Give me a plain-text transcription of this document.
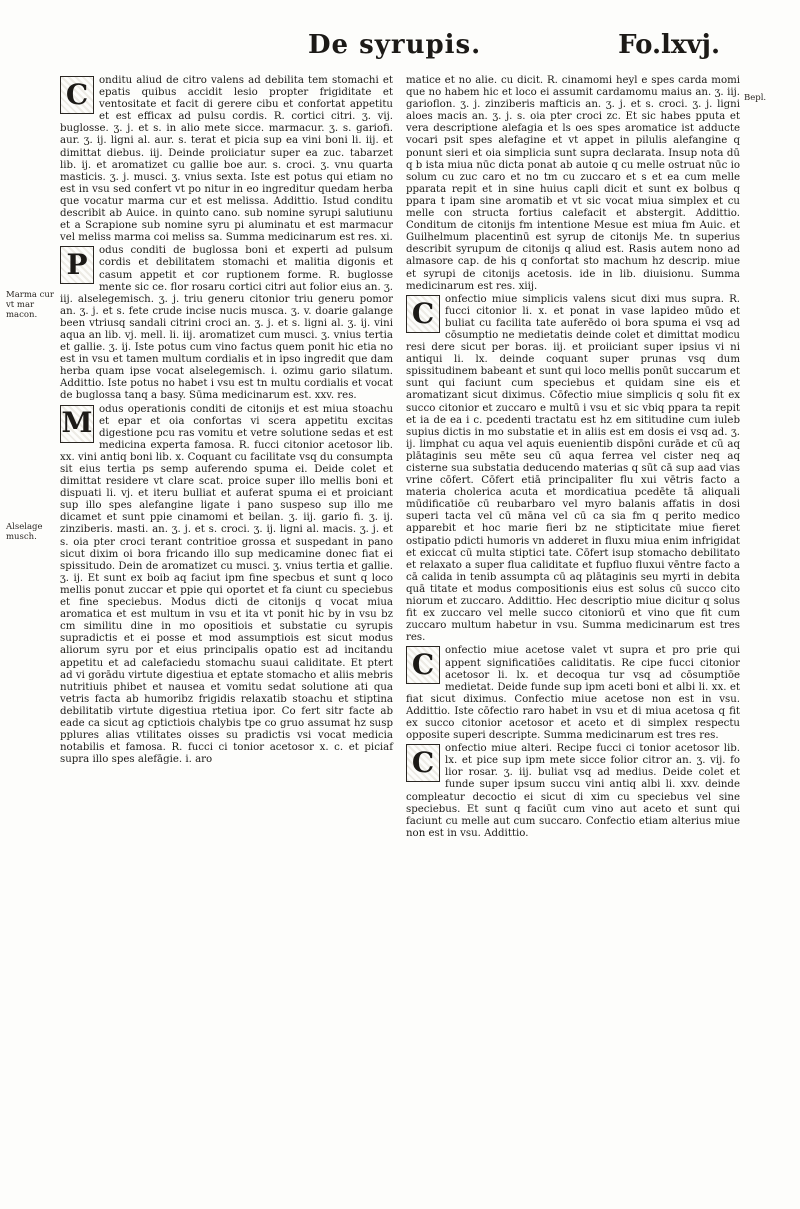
De syrupis.	Fo.lxvj.
Marma cur vt mar macon.
Alselage musch.
Bepl.

C	onditu aliud de citro valens ad debilita tem stomachi et epatis quibus accidit lesio propter frigiditate et ventositate et facit di gerere cibu et confortat appetitu et est efficax ad pulsu cordis. R. cortici citri. ʒ. vij. buglosse. ʒ. j. et s. in alio mete sicce. marmacur. ʒ. s. gariofi. aur. ʒ. ij. ligni al. aur. s. terat et picia sup ea vini boni li. iij. et dimittat diebus. iij. Deinde proiiciatur super ea zuc. tabarzet lib. ij. et aromatizet cu gallie boe aur. s. croci. ʒ. vnu quarta masticis. ʒ. j. musci. ʒ. vnius sexta. Iste est potus qui etiam no est in vsu sed confert vt po nitur in eo ingreditur quedam herba que vocatur marma cur et est melissa. Addittio. Istud conditu describit ab Auice. in quinto cano. sub nomine syrupi salutiunu et a Scrapione sub nomine syru pi aluminatu et est marmacur vel meliss marma coi meliss sa. Summa medicinarum est res. xi.

P	odus conditi de buglossa boni et experti ad pulsum cordis et debilitatem stomachi et malitia digonis et casum appetit et cor ruptionem forme. R. buglosse mente sic ce. flor rosaru cortici citri aut folior eius an. ʒ. iij. alselegemisch. ʒ. j. triu generu citonior triu generu pomor an. ʒ. j. et s. fete crude incise nucis musca. ʒ. v. doarie galange been vtriusq sandali citrini croci an. ʒ. j. et s. ligni al. ʒ. ij. vini aqua an lib. vj. mell. li. iij. aromatizet cum musci. ʒ. vnius tertia et gallie. ʒ. ij. Iste potus cum vino factus quem ponit hic etia no est in vsu et tamen multum cordialis et in ipso ingredit que dam herba quam ipse vocat alselegemisch. i. ozimu gario silatum. Addittio. Iste potus no habet i vsu est tn multu cordialis et vocat de buglossa tanq a basy. Sūma medicinarum est. xxv. res.

M odus operationis conditi de citonijs et est miua stoachu et epar et oia confortas vi scera appetitu excitas digestione pcu ras vomitu et vetre solutione sedas et est medicina experta famosa. R. fucci citonior acetosor lib. xx. vini antiq boni lib. x. Coquant cu facilitate vsq du consumpta sit eius tertia ps semp auferendo spuma ei. Deide colet et dimittat residere vt clare scat. proice super illo mellis boni et dispuati li. vj. et iteru bulliat et auferat spuma ei et proiciant sup illo spes alefangine ligate i pano suspeso sup illo me dicamet et sunt ppie cinamomi et beilan. ʒ. iij. gario fi. ʒ. ij. zinziberis. masti. an. ʒ. j. et s. croci. ʒ. ij. ligni al. macis. ʒ. j. et s. oia pter croci terant contritioe grossa et suspedant in pano sicut dixim oi bora fricando illo sup medicamine donec fiat ei spissitudo. Dein de aromatizet cu musci. ʒ. vnius tertia et gallie. ʒ. ij. Et sunt ex boib aq faciut ipm fine specbus et sunt q loco mellis ponut zuccar et ppie qui oportet et fa ciunt cu speciebus et fine speciebus. Modus dicti de citonijs q vocat miua aromatica et est multum in vsu et ita vt ponit hic by in vsu bz cm similitu dine in mo opositiois et substatie cu syrupis supradictis et ei posse et mod assumptiois est sicut modus aliorum syru por et eius principalis opatio est ad incitandu appetitu et ad calefaciedu stomachu suaui caliditate. Et ptert ad vi gorādu virtute digestiua et eptate stomacho et aliis mebris nutritiuis phibet et nausea et vomitu sedat solutione ati qua vetris facta ab humoribz frigidis relaxatib stoachu et stiptina debilitatib virtute digestiua rtetiua ipor. Co fert sitr facte ab eade ca sicut ag cptictiois chalybis tpe co gruo assumat hz susp pplures alias vtilitates oisses su pradictis vsi vocat medicia notabilis et famosa. R. fucci ci tonior acetosor x. c. et piciaf supra illo spes alefāgie. i. aro

matice et no alie. cu dicit. R. cinamomi heyl e spes carda momi que no habem hic et loco ei assumit cardamomu maius an. ʒ. iij. garioflon. ʒ. j. zinziberis mafticis an. ʒ. j. et s. croci. ʒ. j. ligni aloes macis an. ʒ. j. s. oia pter croci zc. Et sic habes pputa et vera descriptione alefagia et ls oes spes aromatice ist adducte vocari psit spes alefagine et vt appet in pilulis alefangine q ponunt sieri et oia simplicia sunt supra declarata. Insup nota dū q b ista miua nūc dicta ponat ab autoie q cu melle ostruat nūc io solum cu zuc caro et no tm cu zuccaro et s et ea cum melle pparata repit et in sine huius capli dicit et sunt ex bolbus q ppara t ipam sine aromatib et vt sic vocat miua simplex et cu melle con structa fortius calefacit et abstergit. Addittio. Conditum de citonijs fm intentione Mesue est miua fm Auic. et Guilhelmum placentinū est syrup de citonijs Me. tn superius describit syrupum de citonijs q aliud est. Rasis autem nono ad almasore cap. de his q confortat sto machum hz descrip. miue et syrupi de citonijs acetosis. ide in lib. diuisionu. Summa medicinarum est res. xiij.

C	onfectio miue simplicis valens sicut dixi mus supra. R. fucci citonior li. x. et ponat in vase lapideo mūdo et buliat cu facilita tate auferēdo oi bora spuma ei vsq ad cōsumptio ne medietatis deinde colet et dimittat modicu resi dere sicut per boras. iij. et proiiciant super ipsius vi ni antiqui li. lx. deinde coquant super prunas vsq dum spissitudinem babeant et sunt qui loco mellis ponūt succarum et sunt qui faciunt cum speciebus et quidam sine eis et aromatizant sicut diximus. Cōfectio miue simplicis q solu fit ex succo citonior et zuccaro e multū i vsu et sic vbiq ppara ta repit et ia de ea i c. pcedenti tractatu est hz em sititudine cum iuleb supius dictis in mo substatie et in aliis est em dosis ei vsq ad. ʒ. ij. limphat cu aqua vel aquis euenientib dispōni curāde et cū aq plātaginis seu mēte seu cū aqua ferrea vel cister neq aq cisterne sua substatia deducendo materias q sūt cā sup aad vias vrine cōfert. Cōfert etiā principaliter flu xui vētris facto a materia cholerica acuta et mordicatiua pcedēte tā aliquali mūdificatiōe cū reubarbaro vel myro balanis affatis in dosi superi tacta vel cū māna vel cū ca sia fm q perito medico apparebit et hoc marie fieri bz ne stipticitate miue fieret ostipatio pdicti humoris vn adderet in fluxu miua enim infrigidat et exiccat cū multa stiptici tate. Cōfert isup stomacho debilitato et relaxato a super flua caliditate et fupfluo fluxui vēntre facto a cā calida in tenib assumpta cū aq plātaginis seu myrti in debita quā titate et modus compositionis eius est solus cū succo cito niorum et zuccaro. Addittio. Hec descriptio miue dicitur q solus fit ex zuccaro vel melle succo citoniorū et vino que fit cum zuccaro multum habetur in vsu. Summa medicinarum est tres res.

C	onfectio miue acetose valet vt supra et pro prie qui appent significatiōes caliditatis. Re cipe fucci citonior acetosor li. lx. et decoqua tur vsq ad cōsumptiōe medietat. Deide funde sup ipm aceti boni et albi li. xx. et fiat sicut diximus. Confectio miue acetose non est in vsu. Addittio. Iste cōfectio raro habet in vsu et di miua acetosa q fit ex succo citonior acetosor et aceto et di simplex respectu opposite superi descripte. Summa medicinarum est tres res.

C	onfectio miue alteri. Recipe fucci ci tonior acetosor lib. lx. et pice sup ipm mete sicce folior citror an. ʒ. vij. fo lior rosar. ʒ. iij. buliat vsq ad medius. Deide colet et funde super ipsum succu vini antiq albi li. xxv. deinde compleatur decoctio ei sicut di xim cu speciebus vel sine speciebus. Et sunt q faciūt cum vino aut aceto et sunt qui faciunt cu melle aut cum succaro. Confectio etiam alterius miue non est in vsu. Addittio.
